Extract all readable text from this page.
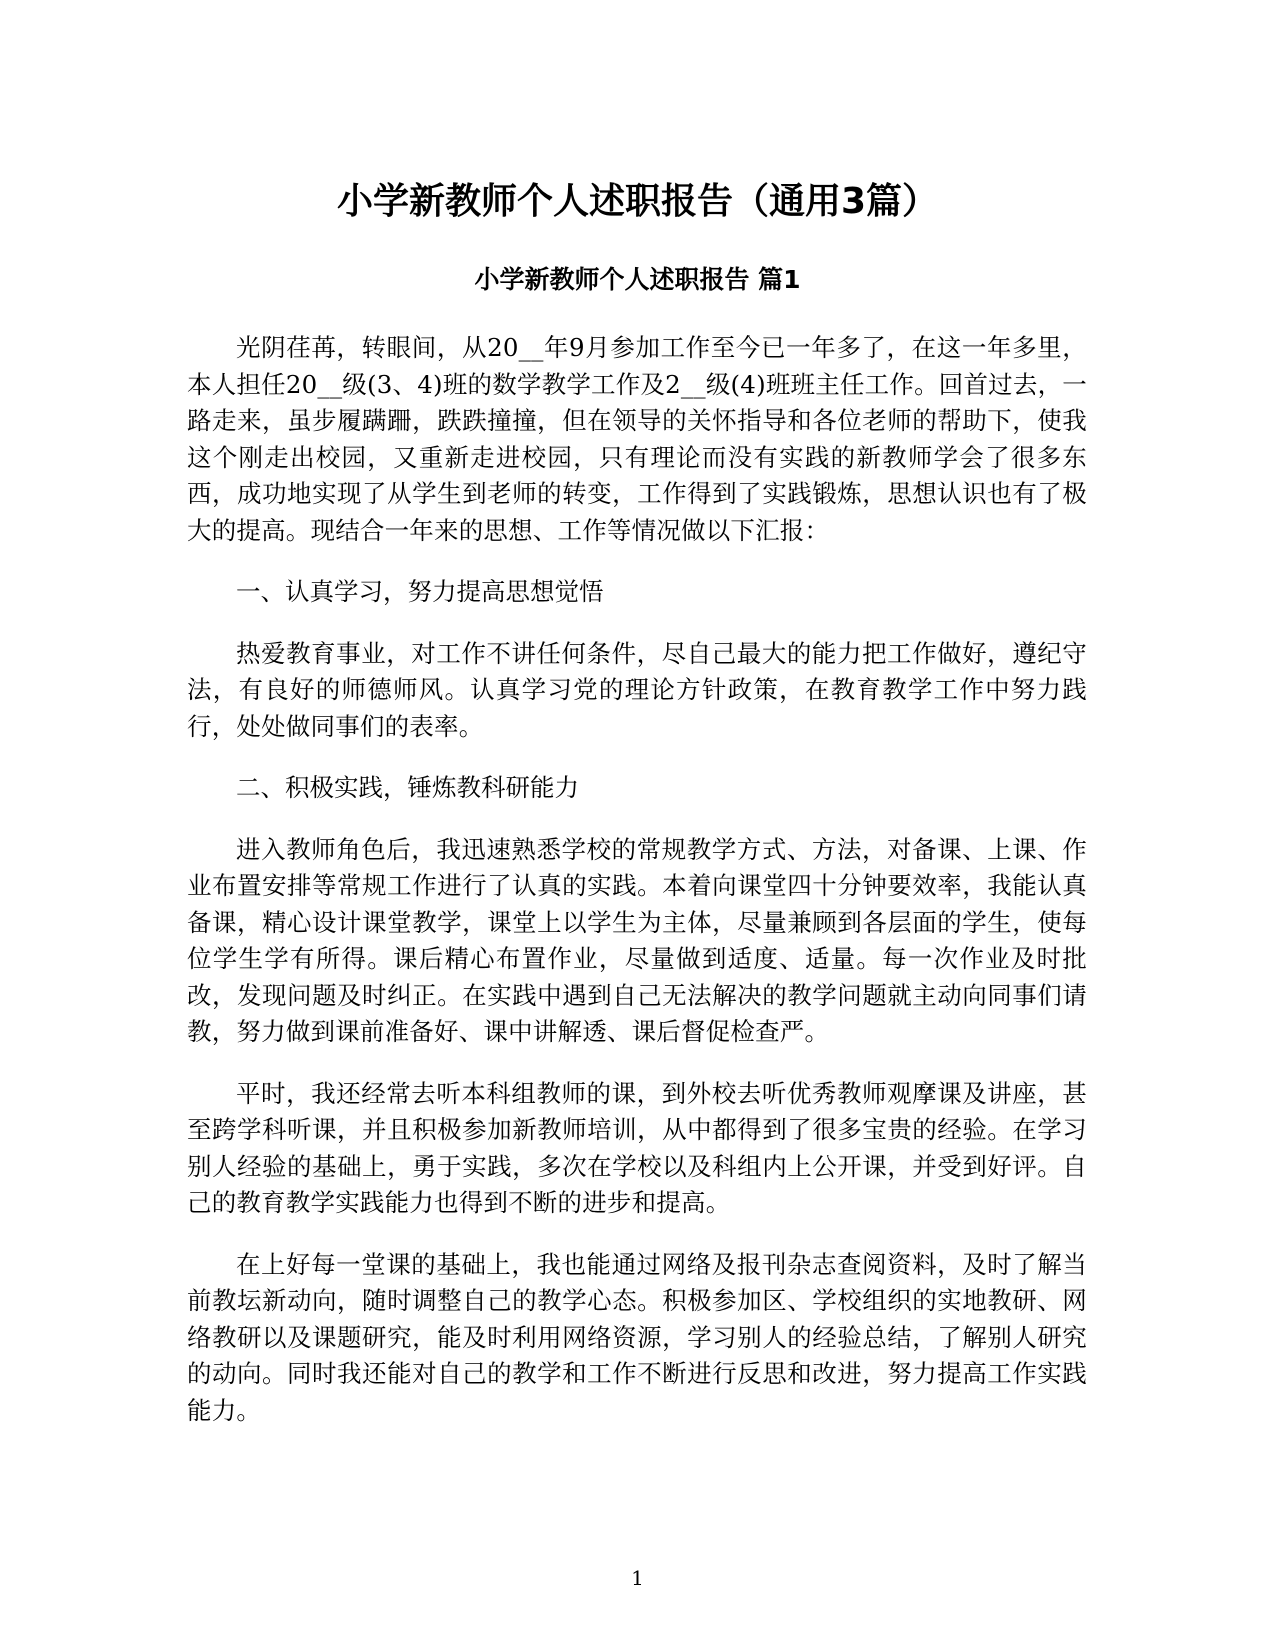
小学新教师个人述职报告（通用3篇）
小学新教师个人述职报告 篇1

光阴荏苒，转眼间，从20__年9月参加工作至今已一年多了，在这一年多里，本人担任20__级(3、4)班的数学教学工作及2__级(4)班班主任工作。回首过去，一路走来，虽步履蹒跚，跌跌撞撞，但在领导的关怀指导和各位老师的帮助下，使我这个刚走出校园，又重新走进校园，只有理论而没有实践的新教师学会了很多东西，成功地实现了从学生到老师的转变，工作得到了实践锻炼，思想认识也有了极大的提高。现结合一年来的思想、工作等情况做以下汇报：

一、认真学习，努力提高思想觉悟

热爱教育事业，对工作不讲任何条件，尽自己最大的能力把工作做好，遵纪守法，有良好的师德师风。认真学习党的理论方针政策，在教育教学工作中努力践行，处处做同事们的表率。

二、积极实践，锤炼教科研能力

进入教师角色后，我迅速熟悉学校的常规教学方式、方法，对备课、上课、作业布置安排等常规工作进行了认真的实践。本着向课堂四十分钟要效率，我能认真备课，精心设计课堂教学，课堂上以学生为主体，尽量兼顾到各层面的学生，使每位学生学有所得。课后精心布置作业，尽量做到适度、适量。每一次作业及时批改，发现问题及时纠正。在实践中遇到自己无法解决的教学问题就主动向同事们请教，努力做到课前准备好、课中讲解透、课后督促检查严。

平时，我还经常去听本科组教师的课，到外校去听优秀教师观摩课及讲座，甚至跨学科听课，并且积极参加新教师培训，从中都得到了很多宝贵的经验。在学习别人经验的基础上，勇于实践，多次在学校以及科组内上公开课，并受到好评。自己的教育教学实践能力也得到不断的进步和提高。

在上好每一堂课的基础上，我也能通过网络及报刊杂志查阅资料，及时了解当前教坛新动向，随时调整自己的教学心态。积极参加区、学校组织的实地教研、网络教研以及课题研究，能及时利用网络资源，学习别人的经验总结，了解别人研究的动向。同时我还能对自己的教学和工作不断进行反思和改进，努力提高工作实践能力。

1
